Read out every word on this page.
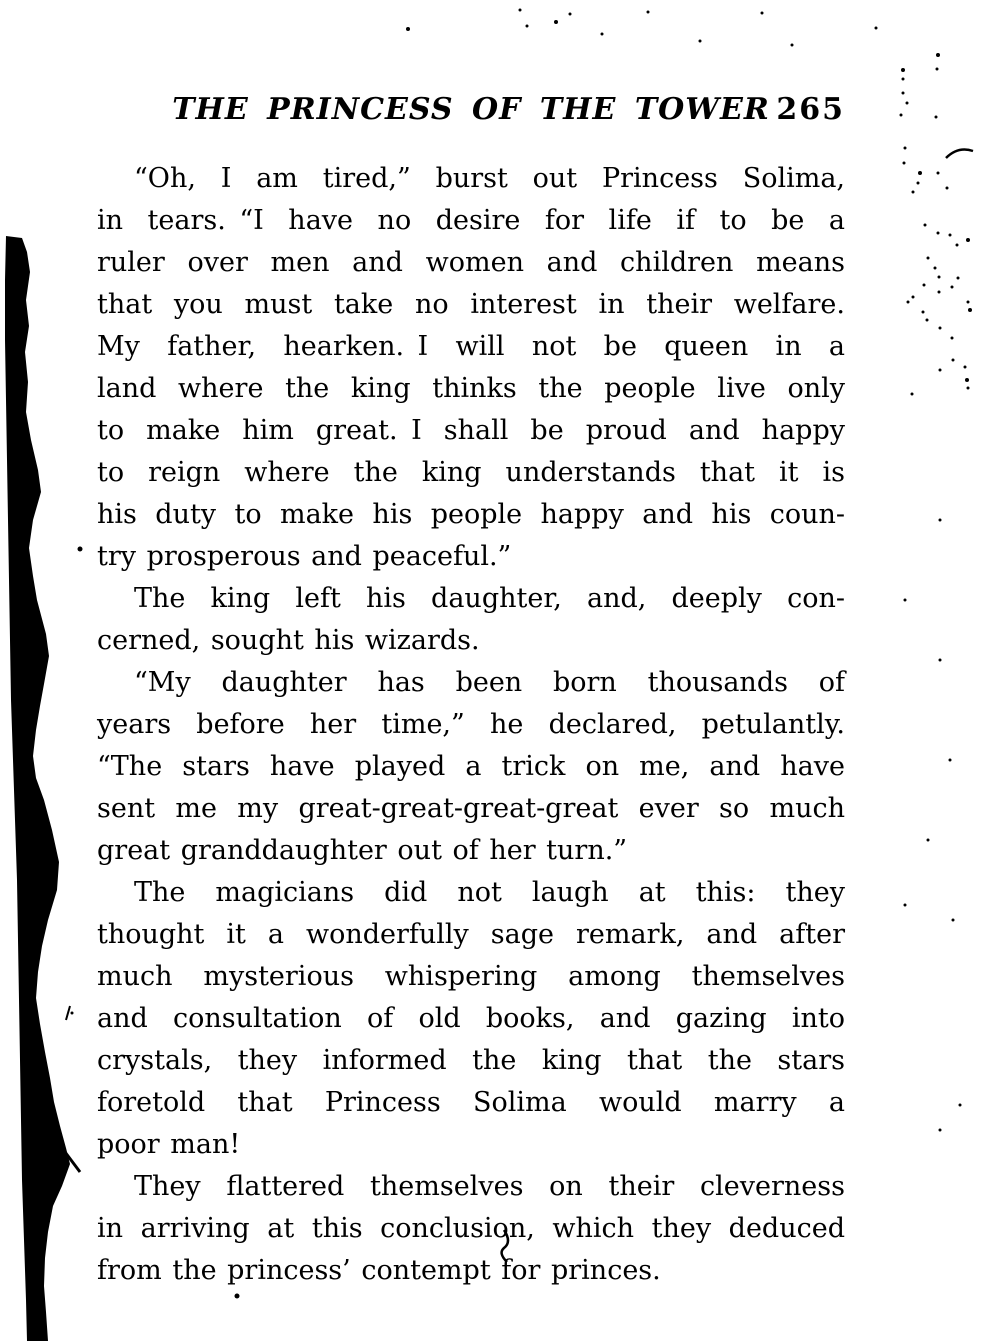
THE PRINCESS OF THE TOWER 265
“Oh, I am tired,” burst out Princess Solima,
in tears. “I have no desire for life if to be a
ruler over men and women and children means
that you must take no interest in their welfare.
My father, hearken. I will not be queen in a
land where the king thinks the people live only
to make him great. I shall be proud and happy
to reign where the king understands that it is
his duty to make his people happy and his coun-
try prosperous and peaceful.”
The king left his daughter, and, deeply con-
cerned, sought his wizards.
“My daughter has been born thousands of
years before her time,” he declared, petulantly.
“The stars have played a trick on me, and have
sent me my great-great-great-great ever so much
great granddaughter out of her turn.”
The magicians did not laugh at this: they
thought it a wonderfully sage remark, and after
much mysterious whispering among themselves
and consultation of old books, and gazing into
crystals, they informed the king that the stars
foretold that Princess Solima would marry a
poor man!
They flattered themselves on their cleverness
in arriving at this conclusion, which they deduced
from the princess’ contempt for princes.
